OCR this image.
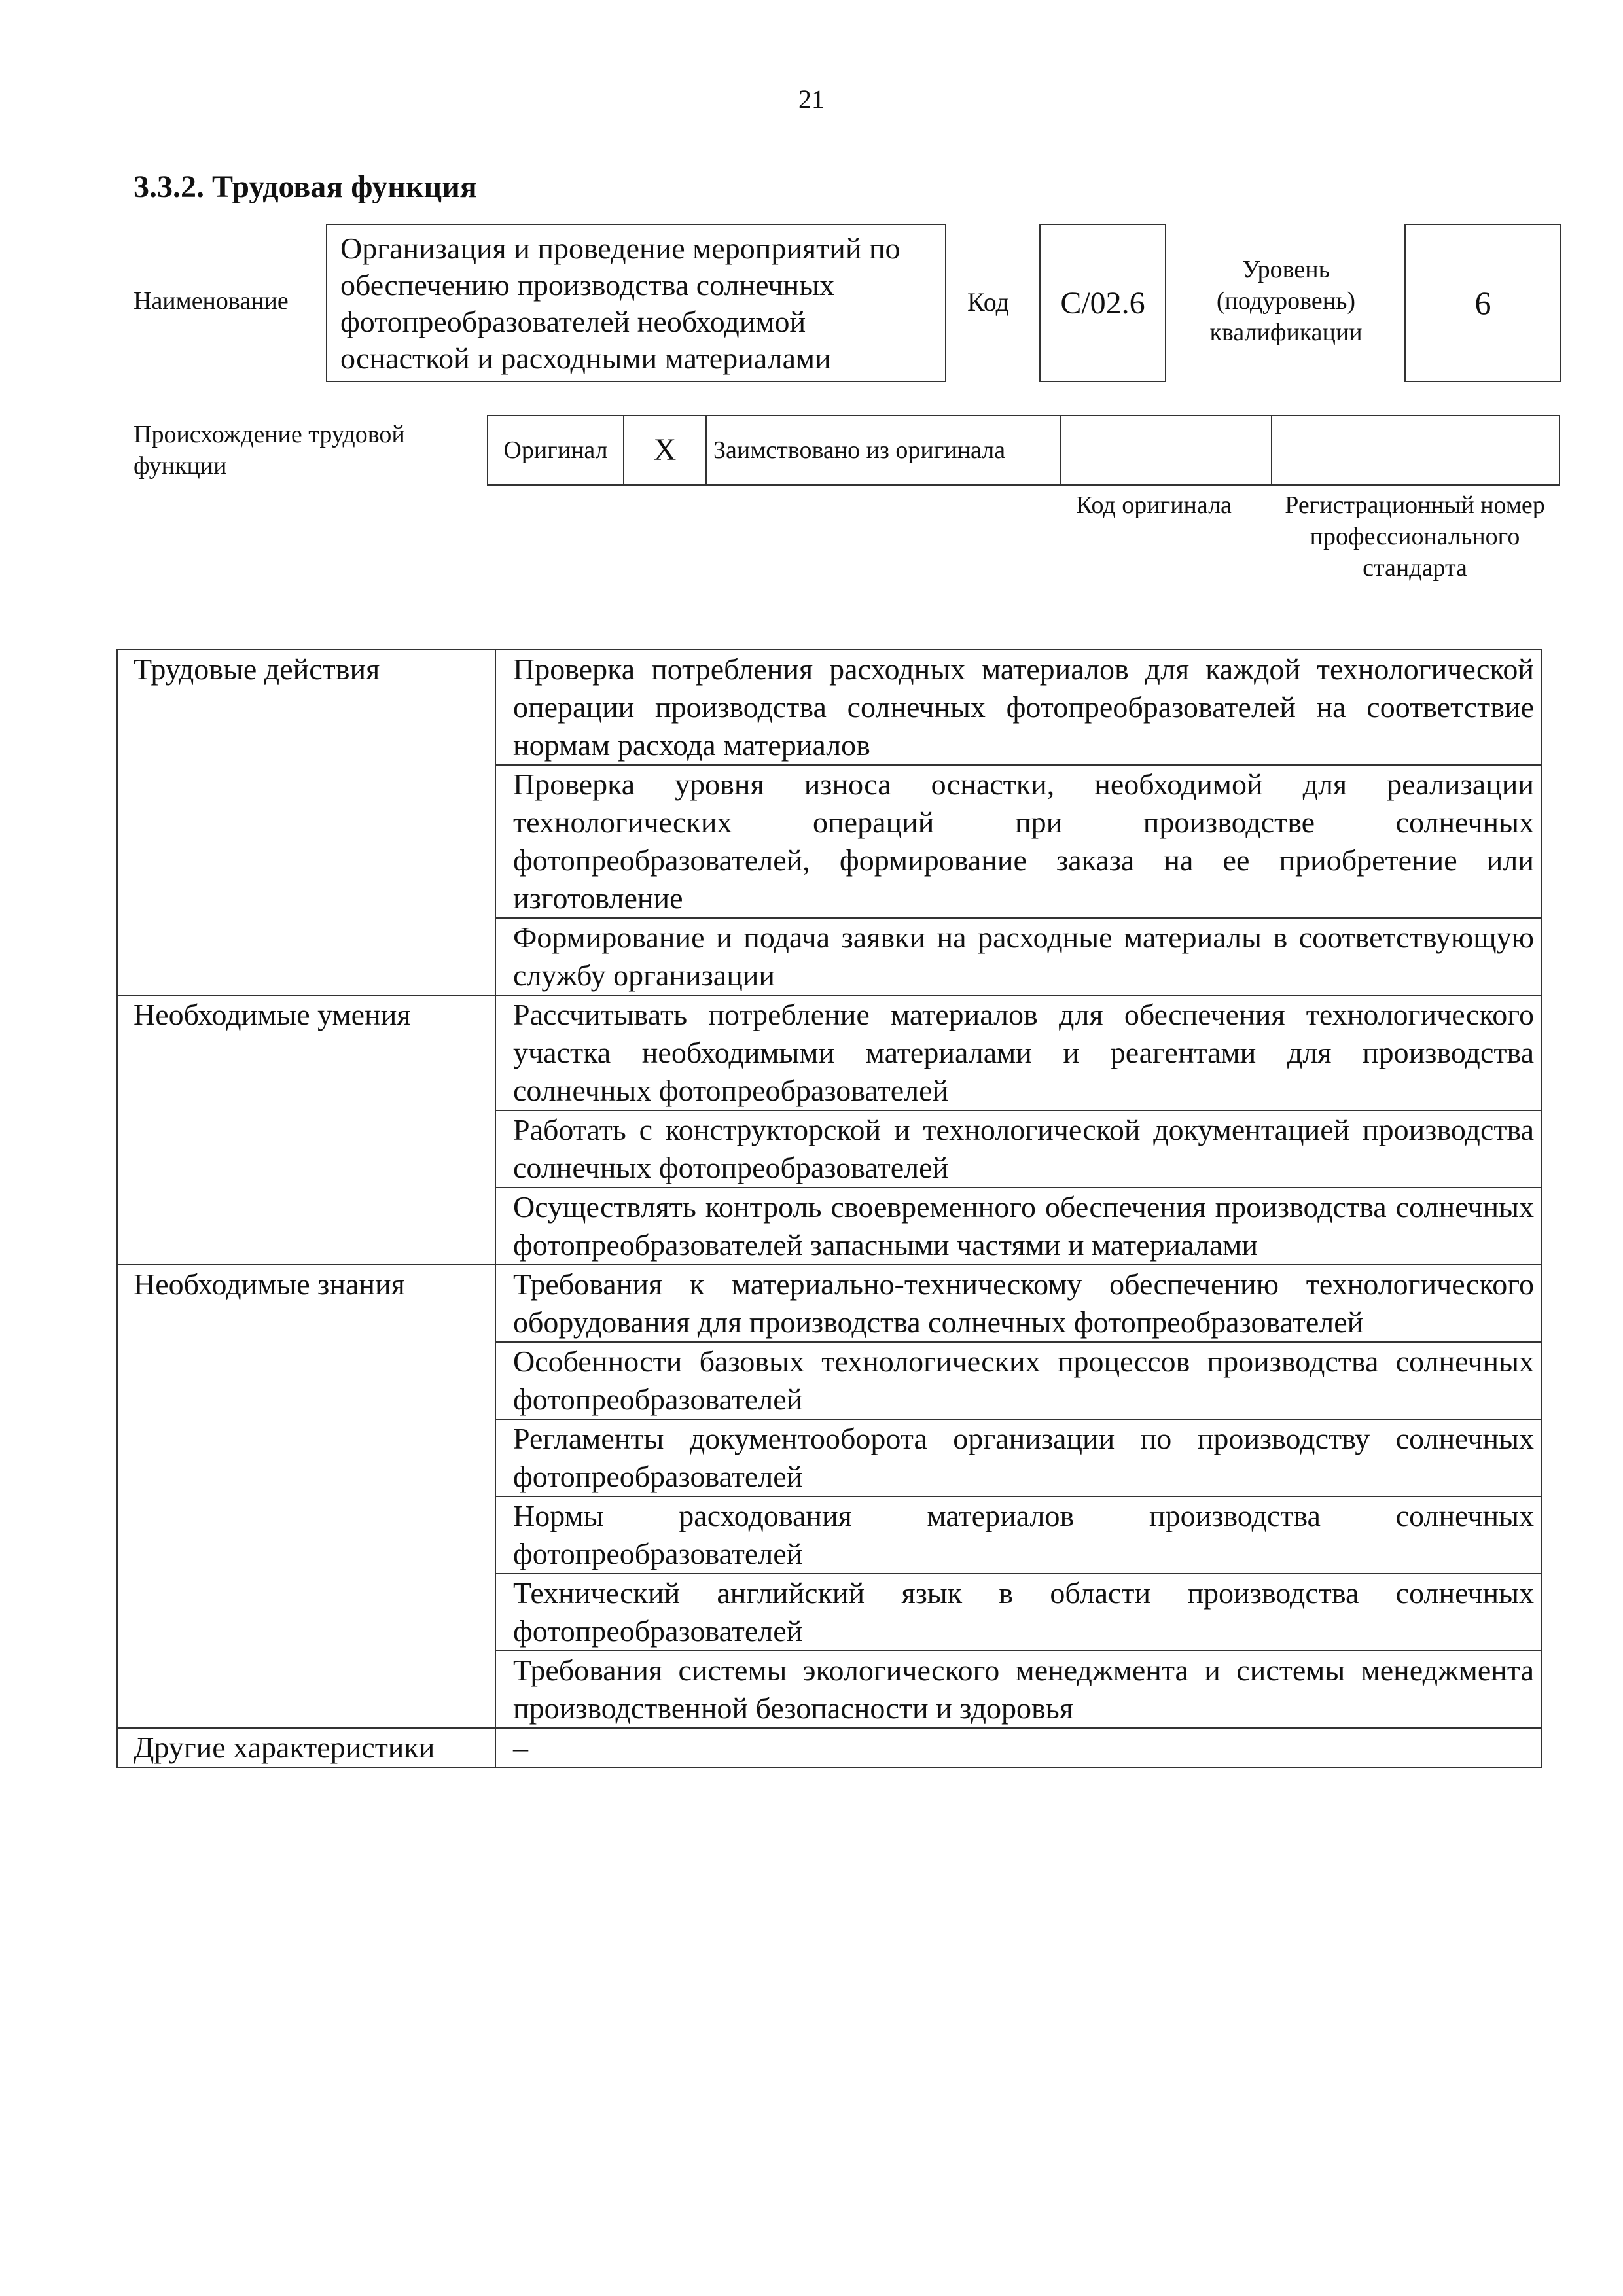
21
3.3.2. Трудовая функция
Наименование
Организация и проведение мероприятий по обеспечению производства солнечных фотопреобразователей необходимой оснасткой и расходными материалами
Код	C/02.6
Уровень (подуровень) квалификации
6
Происхождение трудовой функции
Оригинал	X	Заимствовано из оригинала		
Код оригинала	Регистрационный номер профессионального стандарта
Трудовые действия	Проверка потребления расходных материалов для каждой технологической операции производства солнечных фотопреобразователей на соответствие нормам расхода материалов
	Проверка уровня износа оснастки, необходимой для реализации технологических операций при производстве солнечных фотопреобразователей, формирование заказа на ее приобретение или изготовление
	Формирование и подача заявки на расходные материалы в соответствующую службу организации
Необходимые умения	Рассчитывать потребление материалов для обеспечения технологического участка необходимыми материалами и реагентами для производства солнечных фотопреобразователей
	Работать с конструкторской и технологической документацией производства солнечных фотопреобразователей
	Осуществлять контроль своевременного обеспечения производства солнечных фотопреобразователей запасными частями и материалами
Необходимые знания	Требования к материально-техническому обеспечению технологического оборудования для производства солнечных фотопреобразователей
	Особенности базовых технологических процессов производства солнечных фотопреобразователей
	Регламенты документооборота организации по производству солнечных фотопреобразователей
	Нормы расходования материалов производства солнечных фотопреобразователей
	Технический английский язык в области производства солнечных фотопреобразователей
	Требования системы экологического менеджмента и системы менеджмента производственной безопасности и здоровья
Другие характеристики	–
